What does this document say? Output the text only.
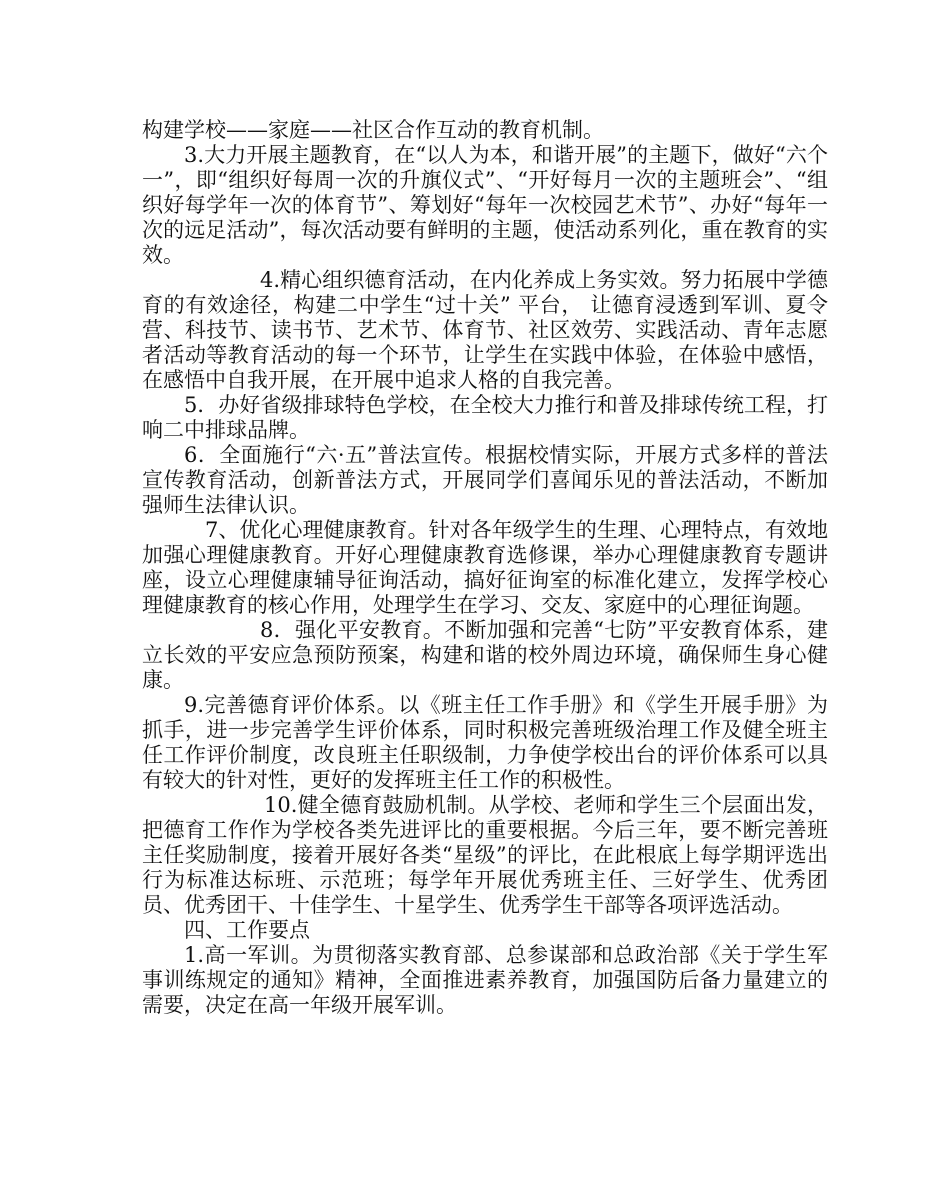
构建学校——家庭——社区合作互动的教育机制。

3.大力开展主题教育，在“以人为本，和谐开展”的主题下，做好“六个一”，即“组织好每周一次的升旗仪式”、“开好每月一次的主题班会”、“组织好每学年一次的体育节”、筹划好“每年一次校园艺术节”、办好“每年一次的远足活动”，每次活动要有鲜明的主题，使活动系列化，重在教育的实效。

4.精心组织德育活动，在内化养成上务实效。努力拓展中学德育的有效途径，构建二中学生“过十关” 平台， 让德育浸透到军训、夏令营、科技节、读书节、艺术节、体育节、社区效劳、实践活动、青年志愿者活动等教育活动的每一个环节，让学生在实践中体验，在体验中感悟，在感悟中自我开展，在开展中追求人格的自我完善。

5．办好省级排球特色学校，在全校大力推行和普及排球传统工程，打响二中排球品牌。

6．全面施行“六·五”普法宣传。根据校情实际，开展方式多样的普法宣传教育活动，创新普法方式，开展同学们喜闻乐见的普法活动，不断加强师生法律认识。

7、优化心理健康教育。针对各年级学生的生理、心理特点，有效地加强心理健康教育。开好心理健康教育选修课，举办心理健康教育专题讲座，设立心理健康辅导征询活动，搞好征询室的标准化建立，发挥学校心理健康教育的核心作用，处理学生在学习、交友、家庭中的心理征询题。

8．强化平安教育。不断加强和完善“七防”平安教育体系，建立长效的平安应急预防预案，构建和谐的校外周边环境，确保师生身心健康。

9.完善德育评价体系。以《班主任工作手册》和《学生开展手册》为抓手，进一步完善学生评价体系，同时积极完善班级治理工作及健全班主任工作评价制度，改良班主任职级制，力争使学校出台的评价体系可以具有较大的针对性，更好的发挥班主任工作的积极性。

10.健全德育鼓励机制。从学校、老师和学生三个层面出发，把德育工作作为学校各类先进评比的重要根据。今后三年，要不断完善班主任奖励制度，接着开展好各类“星级”的评比，在此根底上每学期评选出行为标准达标班、示范班；每学年开展优秀班主任、三好学生、优秀团员、优秀团干、十佳学生、十星学生、优秀学生干部等各项评选活动。

四、工作要点

1.高一军训。为贯彻落实教育部、总参谋部和总政治部《关于学生军事训练规定的通知》精神，全面推进素养教育，加强国防后备力量建立的需要，决定在高一年级开展军训。
